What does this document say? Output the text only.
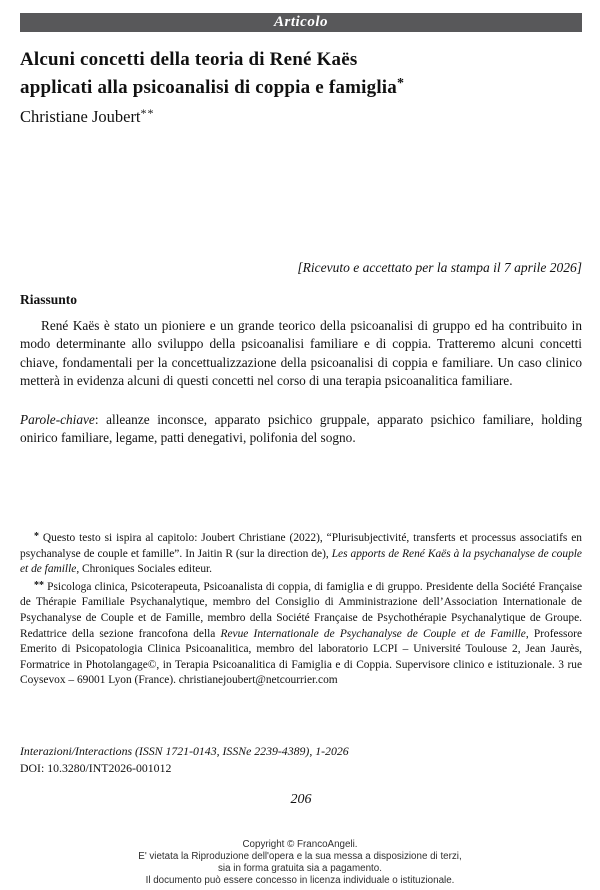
Articolo
Alcuni concetti della teoria di René Kaës
applicati alla psicoanalisi di coppia e famiglia*
Christiane Joubert**
[Ricevuto e accettato per la stampa il 7 aprile 2026]
Riassunto
René Kaës è stato un pioniere e un grande teorico della psicoanalisi di gruppo ed ha contribuito in modo determinante allo sviluppo della psicoanalisi familiare e di coppia. Tratteremo alcuni concetti chiave, fondamentali per la concettualizzazione della psicoanalisi di coppia e familiare. Un caso clinico metterà in evidenza alcuni di questi concetti nel corso di una terapia psicoanalitica familiare.
Parole-chiave: alleanze inconsce, apparato psichico gruppale, apparato psichico familiare, holding onirico familiare, legame, patti denegativi, polifonia del sogno.
* Questo testo si ispira al capitolo: Joubert Christiane (2022), “Plurisubjectivité, transferts et processus associatifs en psychanalyse de couple et famille”. In Jaitin R (sur la direction de), Les apports de René Kaës à la psychanalyse de couple et de famille, Chroniques Sociales editeur.
** Psicologa clinica, Psicoterapeuta, Psicoanalista di coppia, di famiglia e di gruppo. Presidente della Société Française de Thérapie Familiale Psychanalytique, membro del Consiglio di Amministrazione dell’Association Internationale de Psychanalyse de Couple et de Famille, membro della Société Française de Psychothérapie Psychanalytique de Groupe. Redattrice della sezione francofona della Revue Internationale de Psychanalyse de Couple et de Famille, Professore Emerito di Psicopatologia Clinica Psicoanalitica, membro del laboratorio LCPI – Université Toulouse 2, Jean Jaurès, Formatrice in Photolangage©, in Terapia Psicoanalitica di Famiglia e di Coppia. Supervisore clinico e istituzionale. 3 rue Coysevox – 69001 Lyon (France). christianejoubert@netcourrier.com
Interazioni/Interactions (ISSN 1721-0143, ISSNe 2239-4389), 1-2026
DOI: 10.3280/INT2026-001012
206
Copyright © FrancoAngeli.
E' vietata la Riproduzione dell'opera e la sua messa a disposizione di terzi,
sia in forma gratuita sia a pagamento.
Il documento può essere concesso in licenza individuale o istituzionale.
